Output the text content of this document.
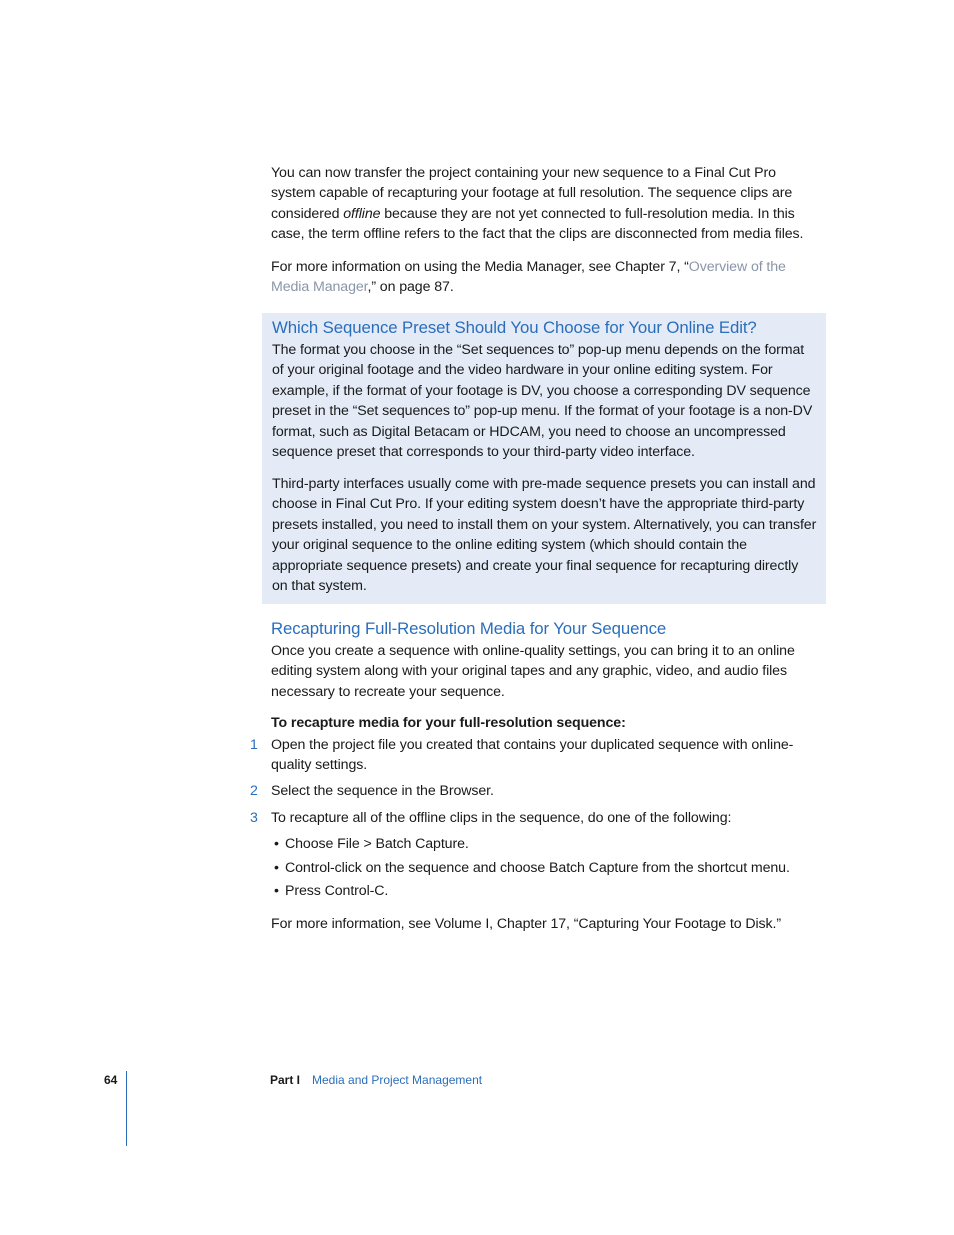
You can now transfer the project containing your new sequence to a Final Cut Pro system capable of recapturing your footage at full resolution. The sequence clips are considered offline because they are not yet connected to full-resolution media. In this case, the term offline refers to the fact that the clips are disconnected from media files.

For more information on using the Media Manager, see Chapter 7, “Overview of the Media Manager,” on page 87.

Which Sequence Preset Should You Choose for Your Online Edit?

The format you choose in the “Set sequences to” pop-up menu depends on the format of your original footage and the video hardware in your online editing system. For example, if the format of your footage is DV, you choose a corresponding DV sequence preset in the “Set sequences to” pop-up menu. If the format of your footage is a non-DV format, such as Digital Betacam or HDCAM, you need to choose an uncompressed sequence preset that corresponds to your third-party video interface.

Third-party interfaces usually come with pre-made sequence presets you can install and choose in Final Cut Pro. If your editing system doesn’t have the appropriate third-party presets installed, you need to install them on your system. Alternatively, you can transfer your original sequence to the online editing system (which should contain the appropriate sequence presets) and create your final sequence for recapturing directly on that system.

Recapturing Full-Resolution Media for Your Sequence

Once you create a sequence with online-quality settings, you can bring it to an online editing system along with your original tapes and any graphic, video, and audio files necessary to recreate your sequence.

To recapture media for your full-resolution sequence:

1 Open the project file you created that contains your duplicated sequence with online-quality settings.
2 Select the sequence in the Browser.
3 To recapture all of the offline clips in the sequence, do one of the following:
• Choose File > Batch Capture.
• Control-click on the sequence and choose Batch Capture from the shortcut menu.
• Press Control-C.

For more information, see Volume I, Chapter 17, “Capturing Your Footage to Disk.”

64	Part I Media and Project Management
